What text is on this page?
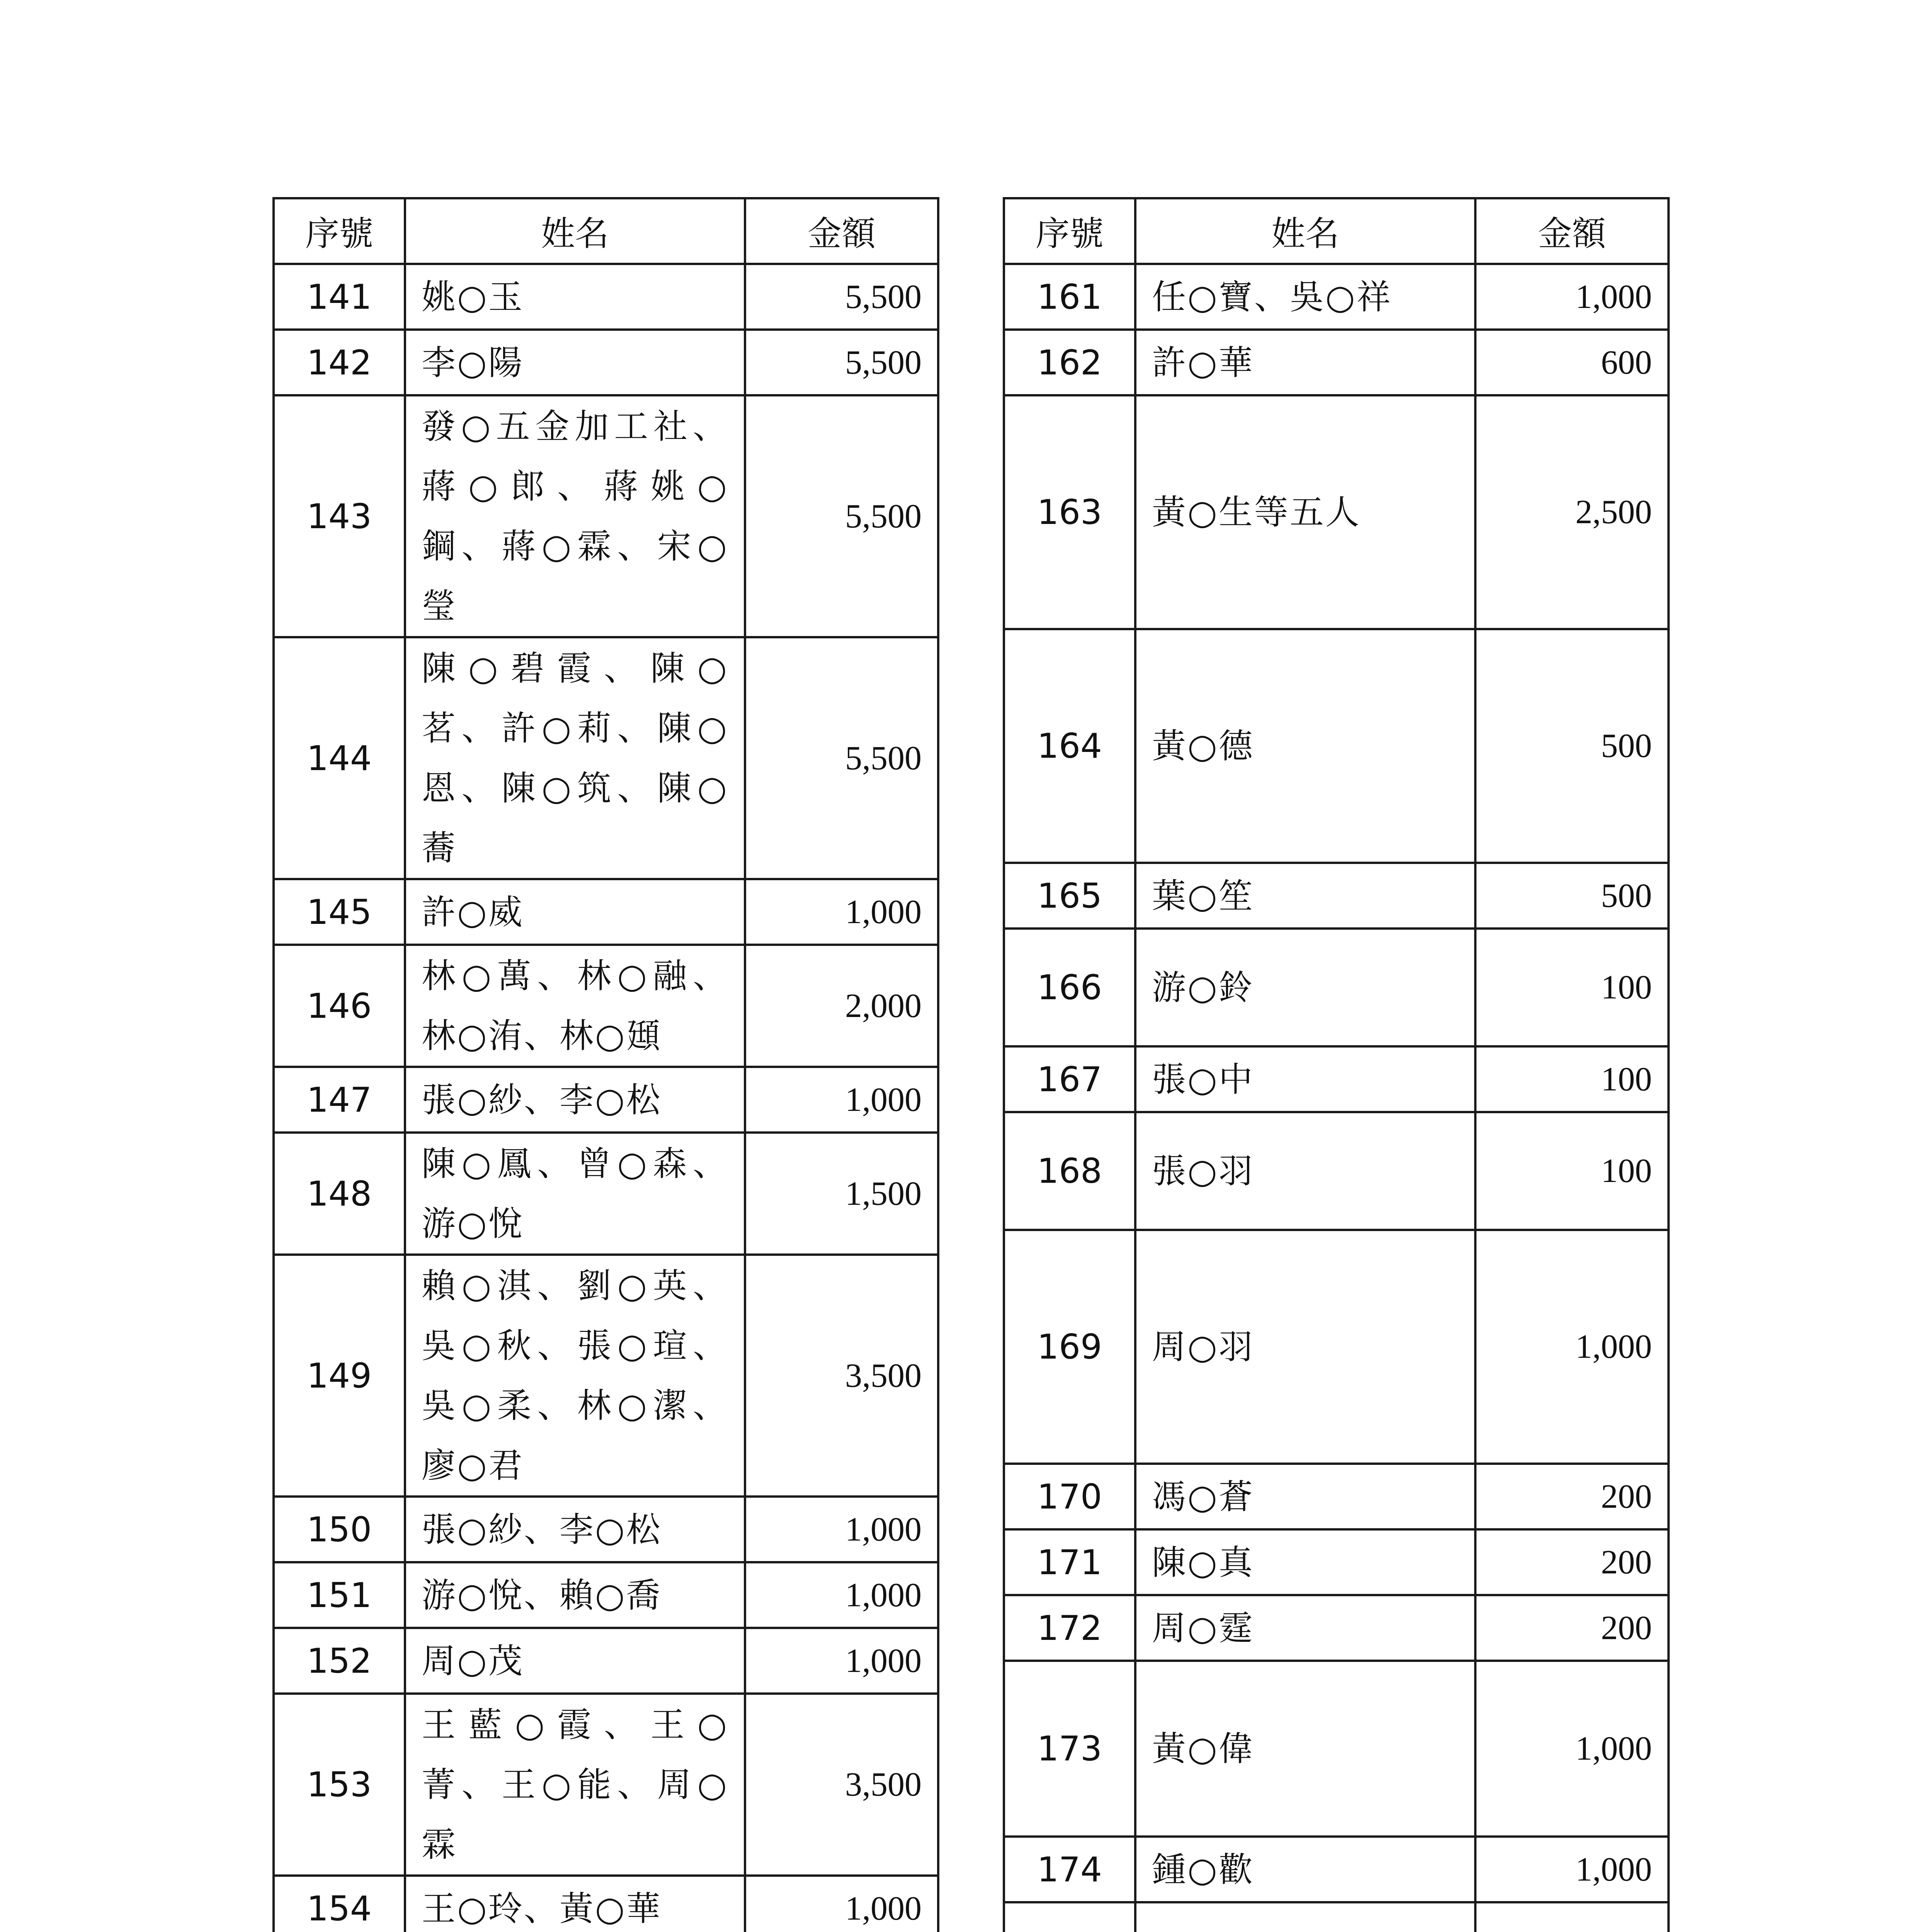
序號	姓名	金額
141	姚○玉	5,500
142	李○陽	5,500
143	發○五金加工社、蔣○郎、蔣姚○鋼、蔣○霖、宋○瑩	5,500
144	陳○碧霞、陳○茗、許○莉、陳○恩、陳○筑、陳○蕎	5,500
145	許○威	1,000
146	林○萬、林○融、林○洧、林○頲	2,000
147	張○紗、李○松	1,000
148	陳○鳳、曾○森、游○悅	1,500
149	賴○淇、劉○英、吳○秋、張○瑄、吳○柔、林○潔、廖○君	3,500
150	張○紗、李○松	1,000
151	游○悅、賴○喬	1,000
152	周○茂	1,000
153	王藍○霞、王○菁、王○能、周○霖	3,500
154	王○玲、黃○華	1,000

序號	姓名	金額
161	任○寶、吳○祥	1,000
162	許○華	600
163	黃○生等五人	2,500
164	黃○德	500
165	葉○笙	500
166	游○鈴	100
167	張○中	100
168	張○羽	100
169	周○羽	1,000
170	馮○蒼	200
171	陳○真	200
172	周○霆	200
173	黃○偉	1,000
174	鍾○歡	1,000
